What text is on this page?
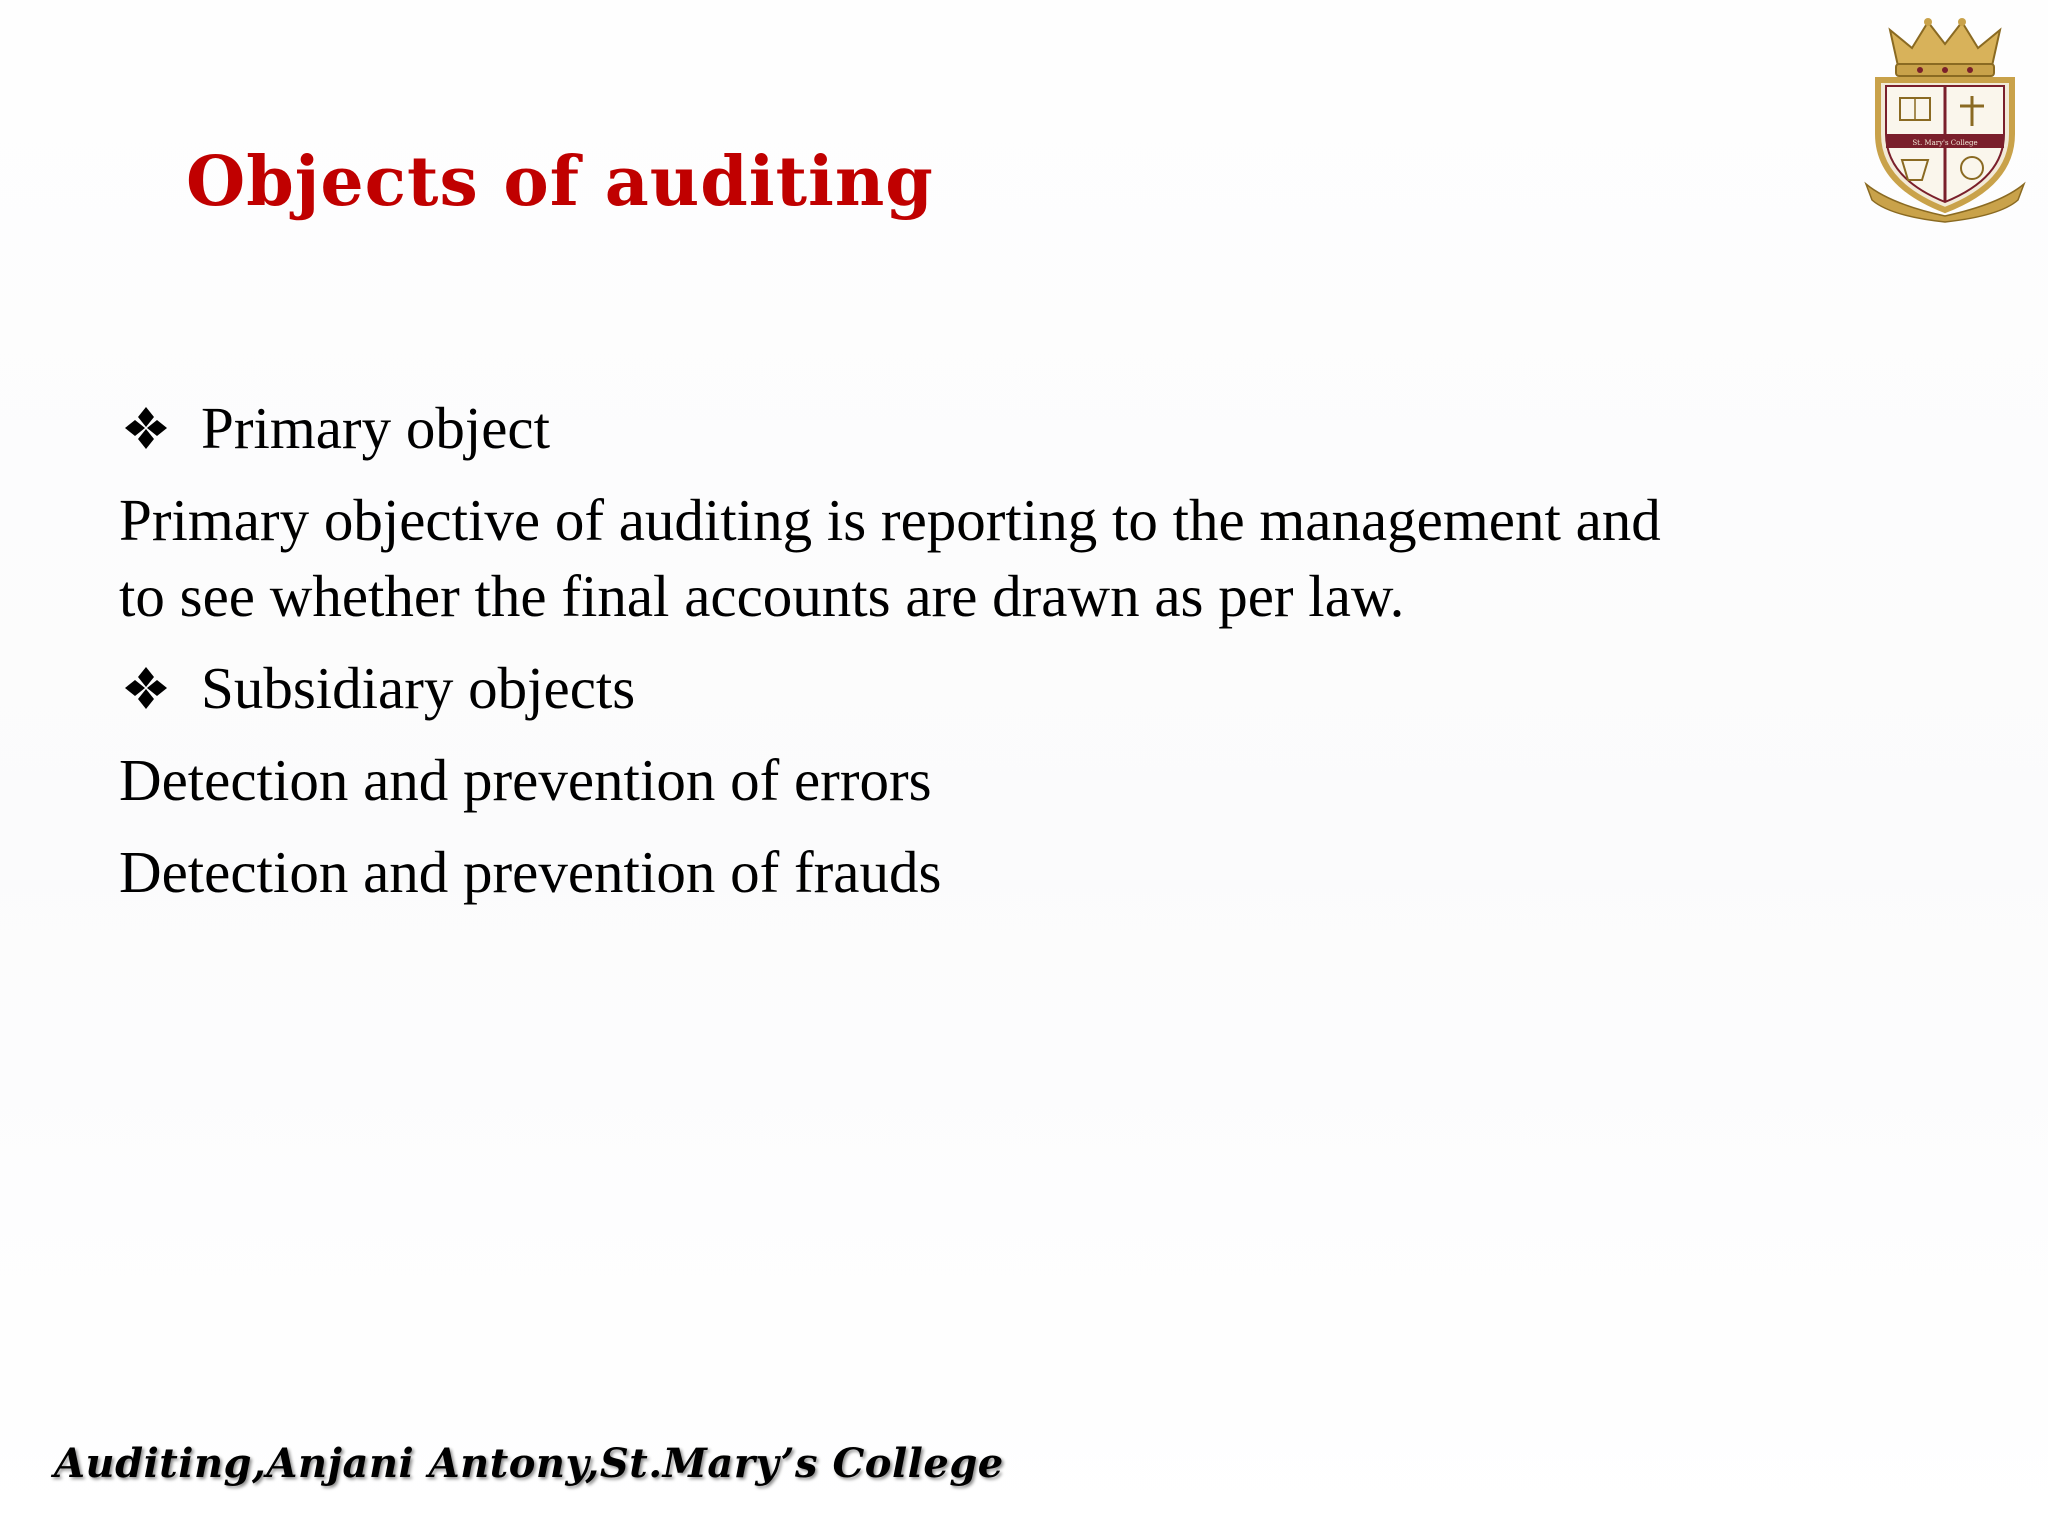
Objects of auditing	St. Mary's College
Primary object
Primary objective of auditing is reporting to the management and
to see whether the final accounts are drawn as per law.
Subsidiary objects
Detection and prevention of errors
Detection and prevention of frauds
Auditing,Anjani Antony,St.Mary’s College
